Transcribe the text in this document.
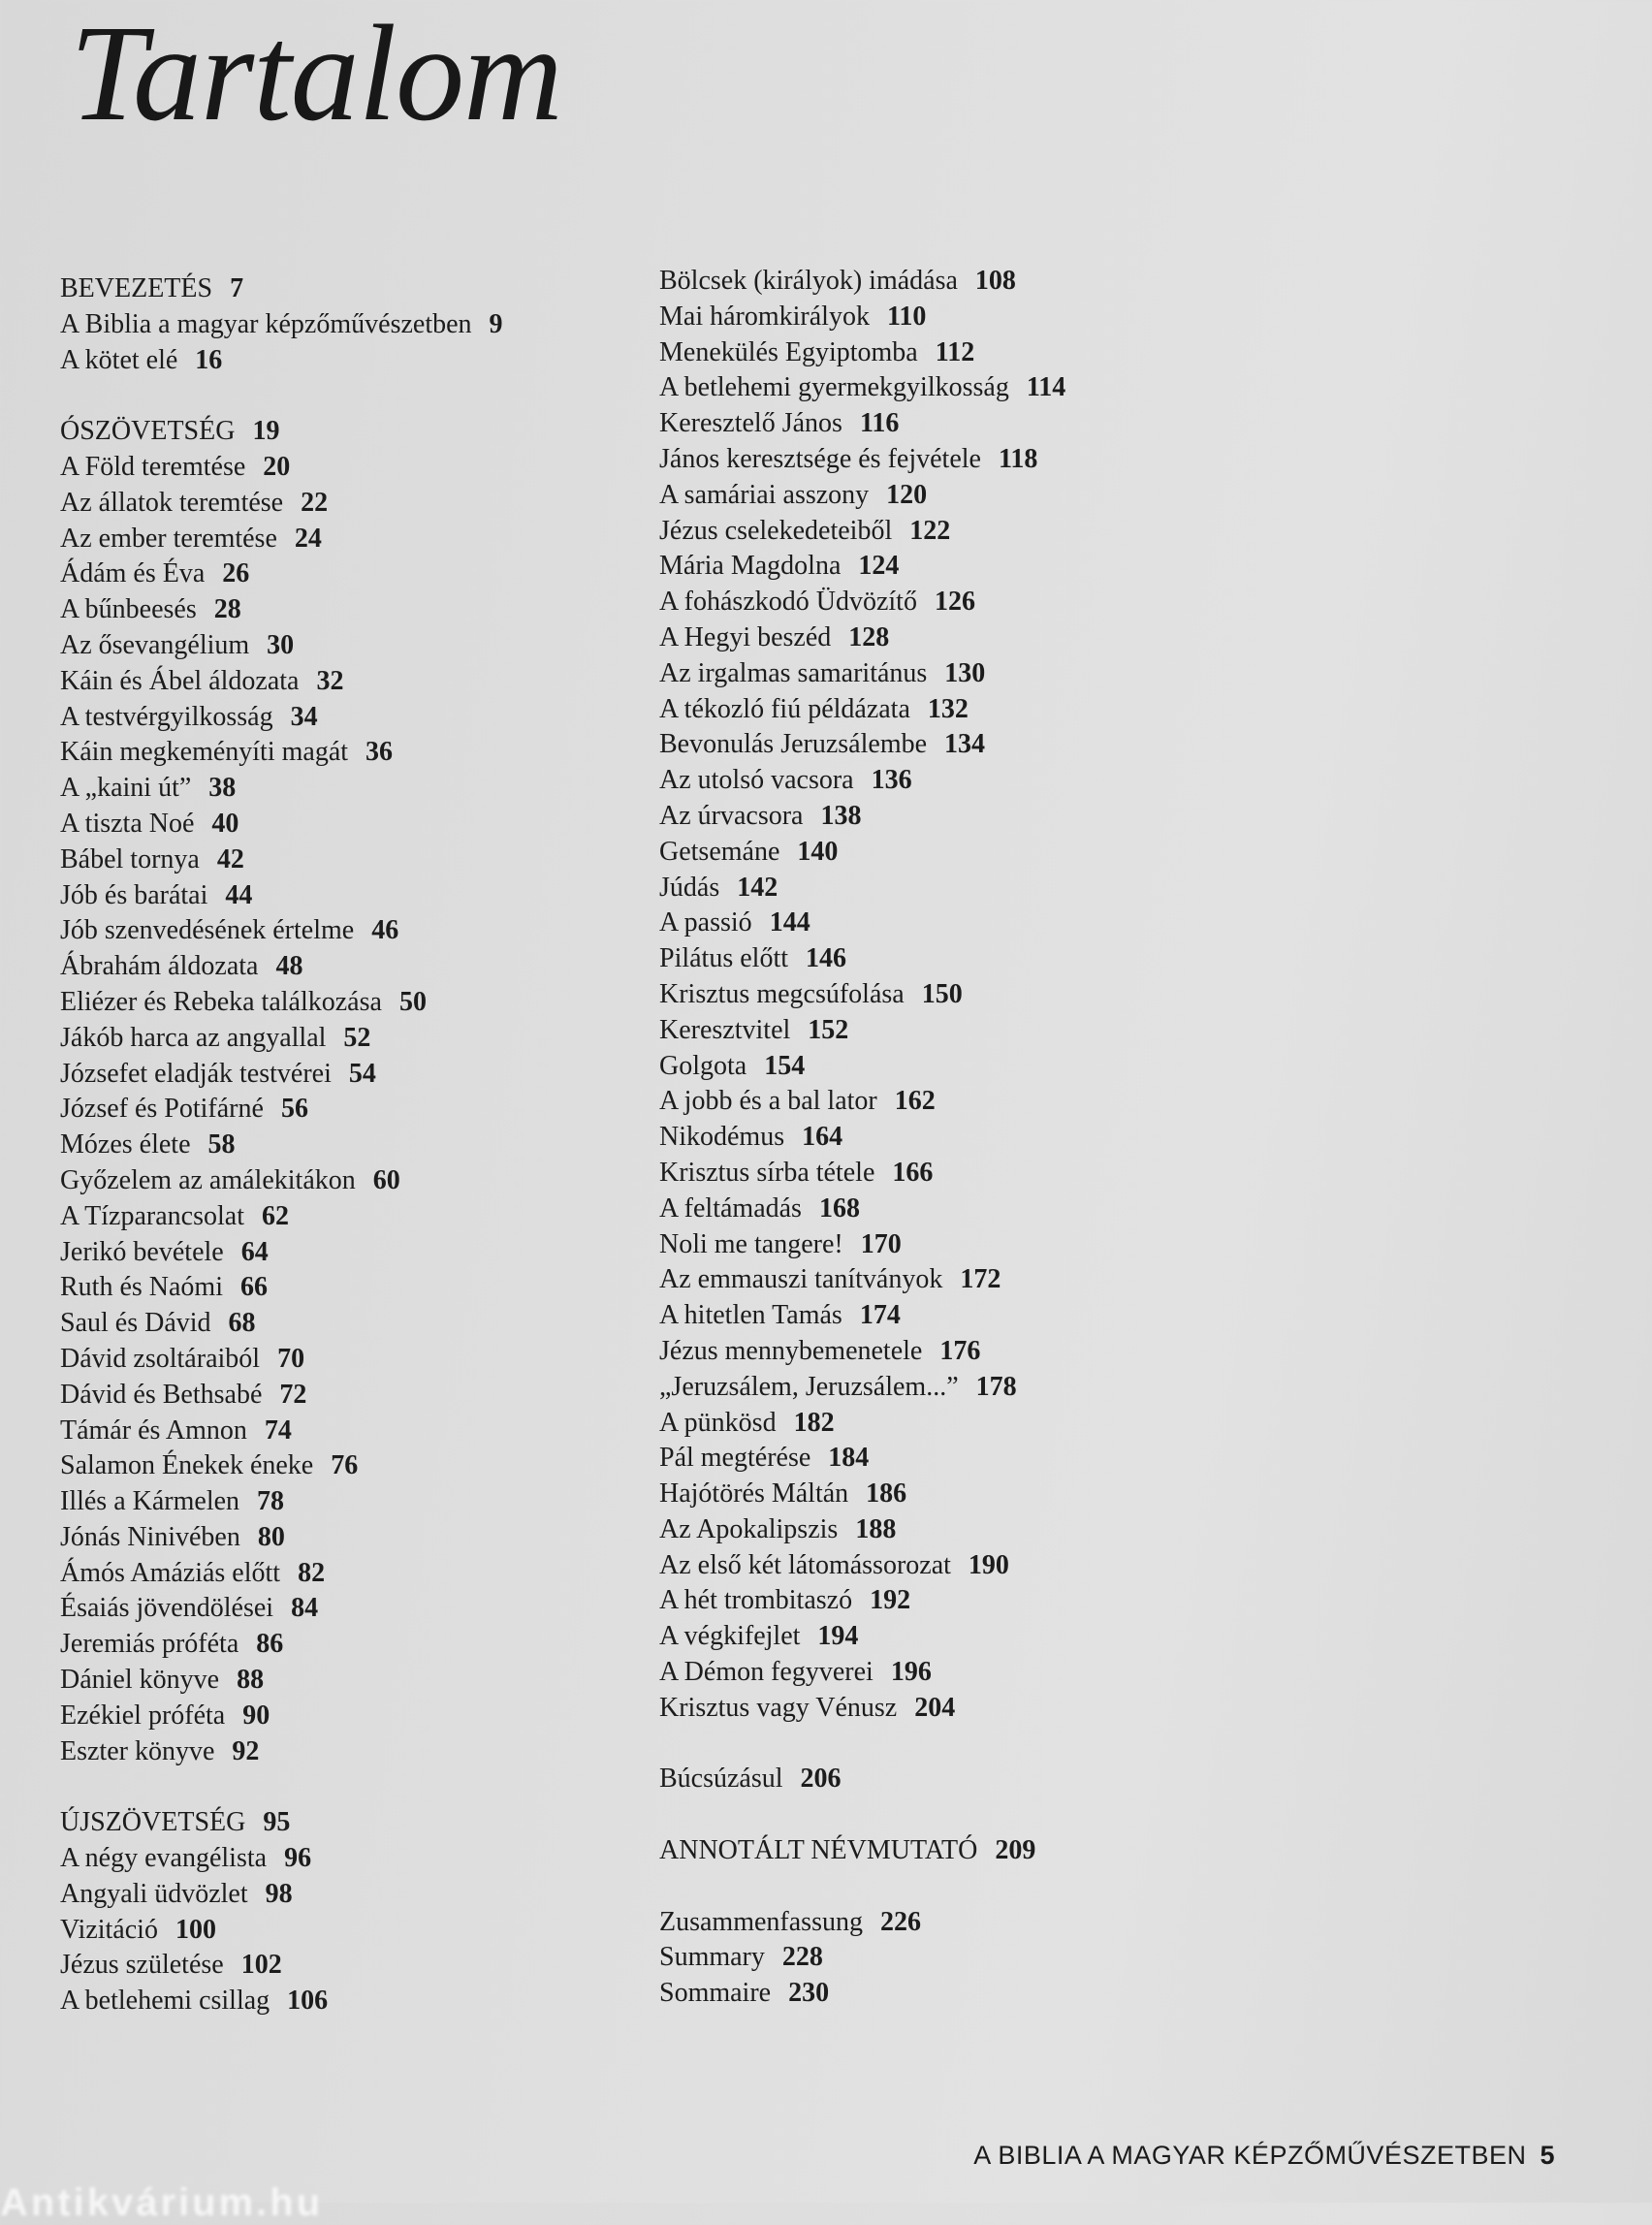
Tartalom
BEVEZETÉS 7
A Biblia a magyar képzőművészetben 9
A kötet elé 16
ÓSZÖVETSÉG 19
A Föld teremtése 20
Az állatok teremtése 22
Az ember teremtése 24
Ádám és Éva 26
A bűnbeesés 28
Az ősevangélium 30
Káin és Ábel áldozata 32
A testvérgyilkosság 34
Káin megkeményíti magát 36
A „kaini út” 38
A tiszta Noé 40
Bábel tornya 42
Jób és barátai 44
Jób szenvedésének értelme 46
Ábrahám áldozata 48
Eliézer és Rebeka találkozása 50
Jákób harca az angyallal 52
Józsefet eladják testvérei 54
József és Potifárné 56
Mózes élete 58
Győzelem az amálekitákon 60
A Tízparancsolat 62
Jerikó bevétele 64
Ruth és Naómi 66
Saul és Dávid 68
Dávid zsoltáraiból 70
Dávid és Bethsabé 72
Támár és Amnon 74
Salamon Énekek éneke 76
Illés a Kármelen 78
Jónás Ninivében 80
Ámós Amáziás előtt 82
Ésaiás jövendölései 84
Jeremiás próféta 86
Dániel könyve 88
Ezékiel próféta 90
Eszter könyve 92
ÚJSZÖVETSÉG 95
A négy evangélista 96
Angyali üdvözlet 98
Vizitáció 100
Jézus születése 102
A betlehemi csillag 106
Bölcsek (királyok) imádása 108
Mai háromkirályok 110
Menekülés Egyiptomba 112
A betlehemi gyermekgyilkosság 114
Keresztelő János 116
János keresztsége és fejvétele 118
A samáriai asszony 120
Jézus cselekedeteiből 122
Mária Magdolna 124
A fohászkodó Üdvözítő 126
A Hegyi beszéd 128
Az irgalmas samaritánus 130
A tékozló fiú példázata 132
Bevonulás Jeruzsálembe 134
Az utolsó vacsora 136
Az úrvacsora 138
Getsemáne 140
Júdás 142
A passió 144
Pilátus előtt 146
Krisztus megcsúfolása 150
Keresztvitel 152
Golgota 154
A jobb és a bal lator 162
Nikodémus 164
Krisztus sírba tétele 166
A feltámadás 168
Noli me tangere! 170
Az emmauszi tanítványok 172
A hitetlen Tamás 174
Jézus mennybemenetele 176
„Jeruzsálem, Jeruzsálem...” 178
A pünkösd 182
Pál megtérése 184
Hajótörés Máltán 186
Az Apokalipszis 188
Az első két látomássorozat 190
A hét trombitaszó 192
A végkifejlet 194
A Démon fegyverei 196
Krisztus vagy Vénusz 204
Búcsúzásul 206
ANNOTÁLT NÉVMUTATÓ 209
Zusammenfassung 226
Summary 228
Sommaire 230
A BIBLIA A MAGYAR KÉPZŐMŰVÉSZETBEN 5
Antikvárium.hu
